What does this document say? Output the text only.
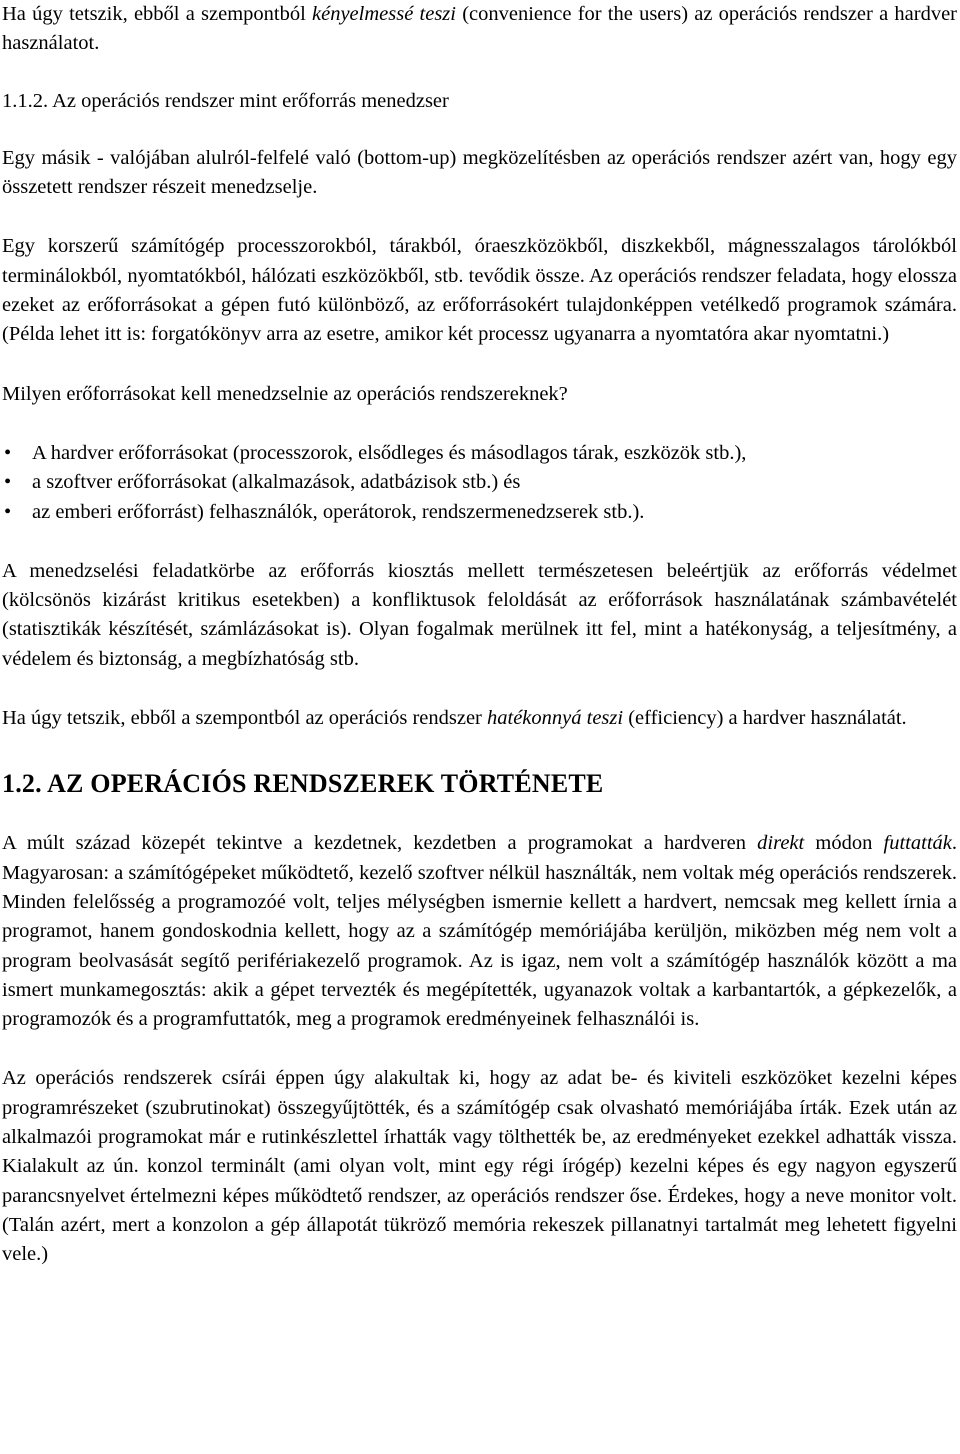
Ha úgy tetszik, ebből a szempontból kényelmessé teszi (convenience for the users) az operációs rendszer a hardver használatot.

1.1.2. Az operációs rendszer mint erőforrás menedzser

Egy másik - valójában alulról-felfelé való (bottom-up) megközelítésben az operációs rendszer azért van, hogy egy összetett rendszer részeit menedzselje.

Egy korszerű számítógép processzorokból, tárakból, óraeszközökből, diszkekből, mágnesszalagos tárolókból terminálokból, nyomtatókból, hálózati eszközökből, stb. tevődik össze. Az operációs rendszer feladata, hogy elossza ezeket az erőforrásokat a gépen futó különböző, az erőforrásokért tulajdonképpen vetélkedő programok számára. (Példa lehet itt is: forgatókönyv arra az esetre, amikor két processz ugyanarra a nyomtatóra akar nyomtatni.)

Milyen erőforrásokat kell menedzselnie az operációs rendszereknek?

• A hardver erőforrásokat (processzorok, elsődleges és másodlagos tárak, eszközök stb.),
• a szoftver erőforrásokat (alkalmazások, adatbázisok stb.) és
• az emberi erőforrást) felhasználók, operátorok, rendszermenedzserek stb.).

A menedzselési feladatkörbe az erőforrás kiosztás mellett természetesen beleértjük az erőforrás védelmet (kölcsönös kizárást kritikus esetekben) a konfliktusok feloldását az erőforrások használatának számbavételét (statisztikák készítését, számlázásokat is). Olyan fogalmak merülnek itt fel, mint a hatékonyság, a teljesítmény, a védelem és biztonság, a megbízhatóság stb.

Ha úgy tetszik, ebből a szempontból az operációs rendszer hatékonnyá teszi (efficiency) a hardver használatát.

1.2. AZ OPERÁCIÓS RENDSZEREK TÖRTÉNETE

A múlt század közepét tekintve a kezdetnek, kezdetben a programokat a hardveren direkt módon futtatták. Magyarosan: a számítógépeket működtető, kezelő szoftver nélkül használták, nem voltak még operációs rendszerek. Minden felelősség a programozóé volt, teljes mélységben ismernie kellett a hardvert, nemcsak meg kellett írnia a programot, hanem gondoskodnia kellett, hogy az a számítógép memóriájába kerüljön, miközben még nem volt a program beolvasását segítő perifériakezelő programok. Az is igaz, nem volt a számítógép használók között a ma ismert munkamegosztás: akik a gépet tervezték és megépítették, ugyanazok voltak a karbantartók, a gépkezelők, a programozók és a programfuttatók, meg a programok eredményeinek felhasználói is.

Az operációs rendszerek csírái éppen úgy alakultak ki, hogy az adat be- és kiviteli eszközöket kezelni képes programrészeket (szubrutinokat) összegyűjtötték, és a számítógép csak olvasható memóriájába írták. Ezek után az alkalmazói programokat már e rutinkészlettel írhatták vagy tölthették be, az eredményeket ezekkel adhatták vissza. Kialakult az ún. konzol terminált (ami olyan volt, mint egy régi írógép) kezelni képes és egy nagyon egyszerű parancsnyelvet értelmezni képes működtető rendszer, az operációs rendszer őse. Érdekes, hogy a neve monitor volt. (Talán azért, mert a konzolon a gép állapotát tükröző memória rekeszek pillanatnyi tartalmát meg lehetett figyelni vele.)
